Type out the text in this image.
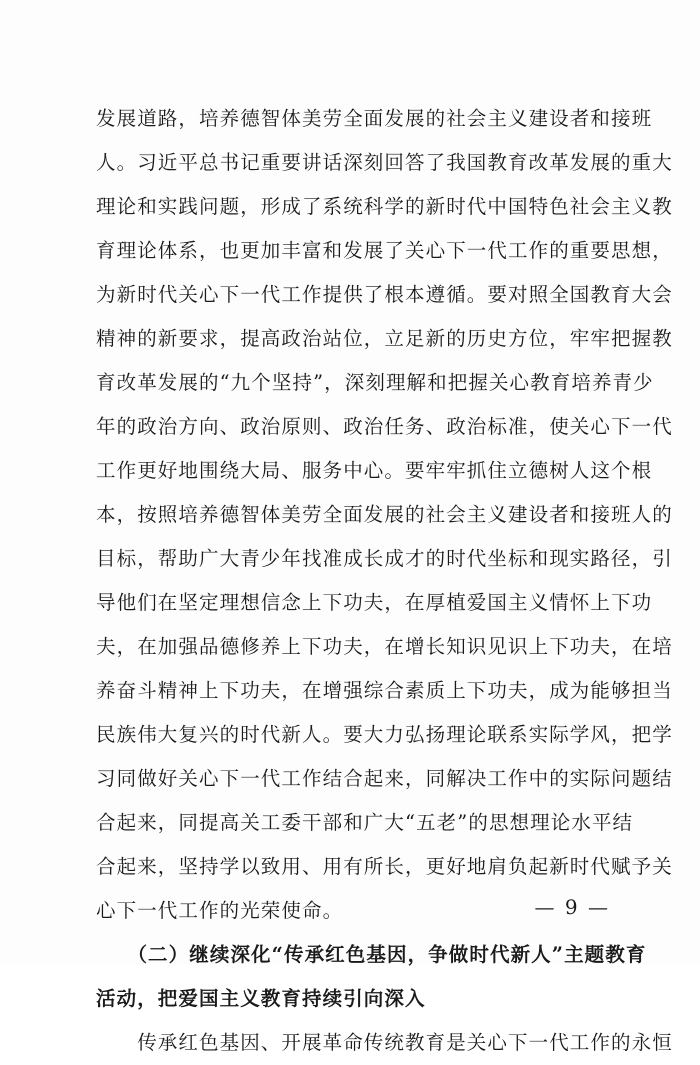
发展道路，培养德智体美劳全面发展的社会主义建设者和接班
人。习近平总书记重要讲话深刻回答了我国教育改革发展的重大
理论和实践问题，形成了系统科学的新时代中国特色社会主义教
育理论体系，也更加丰富和发展了关心下一代工作的重要思想，
为新时代关心下一代工作提供了根本遵循。要对照全国教育大会
精神的新要求，提高政治站位，立足新的历史方位，牢牢把握教
育改革发展的“九个坚持”，深刻理解和把握关心教育培养青少
年的政治方向、政治原则、政治任务、政治标准，使关心下一代
工作更好地围绕大局、服务中心。要牢牢抓住立德树人这个根
本，按照培养德智体美劳全面发展的社会主义建设者和接班人的
目标，帮助广大青少年找准成长成才的时代坐标和现实路径，引
导他们在坚定理想信念上下功夫，在厚植爱国主义情怀上下功
夫，在加强品德修养上下功夫，在增长知识见识上下功夫，在培
养奋斗精神上下功夫，在增强综合素质上下功夫，成为能够担当
民族伟大复兴的时代新人。要大力弘扬理论联系实际学风，把学
习同做好关心下一代工作结合起来，同解决工作中的实际问题结
合起来，同提高关工委干部和广大“五老”的思想理论水平结
合起来，坚持学以致用、用有所长，更好地肩负起新时代赋予关
心下一代工作的光荣使命。
　　（二）继续深化“传承红色基因，争做时代新人”主题教育
活动，把爱国主义教育持续引向深入
　　传承红色基因、开展革命传统教育是关心下一代工作的永恒
— 9 —
